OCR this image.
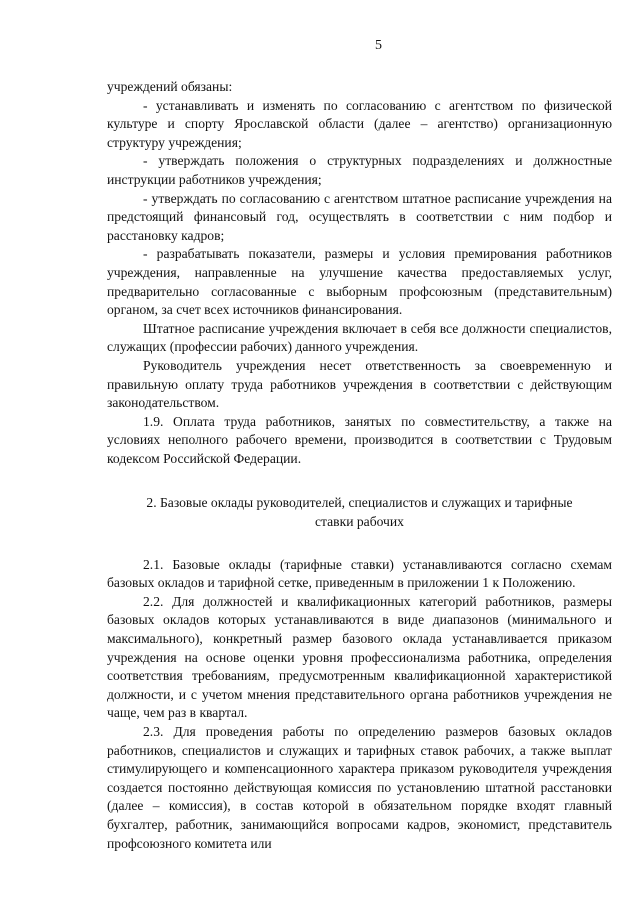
5

учреждений обязаны:

- устанавливать и изменять по согласованию с агентством по физической культуре и спорту Ярославской области (далее – агентство) организационную структуру учреждения;

- утверждать положения о структурных подразделениях и должностные инструкции работников учреждения;

- утверждать по согласованию с агентством штатное расписание учреждения на предстоящий финансовый год, осуществлять в соответствии с ним подбор и расстановку кадров;

- разрабатывать показатели, размеры и условия премирования работников учреждения, направленные на улучшение качества предоставляемых услуг, предварительно согласованные с выборным профсоюзным (представительным) органом, за счет всех источников финансирования.

Штатное расписание учреждения включает в себя все должности специалистов, служащих (профессии рабочих) данного учреждения.

Руководитель учреждения несет ответственность за своевременную и правильную оплату труда работников учреждения в соответствии с действующим законодательством.

1.9. Оплата труда работников, занятых по совместительству, а также на условиях неполного рабочего времени, производится в соответствии с Трудовым кодексом Российской Федерации.

2. Базовые оклады руководителей, специалистов и служащих и тарифные
ставки рабочих

2.1. Базовые оклады (тарифные ставки) устанавливаются согласно схемам базовых окладов и тарифной сетке, приведенным в приложении 1 к Положению.

2.2. Для должностей и квалификационных категорий работников, размеры базовых окладов которых устанавливаются в виде диапазонов (минимального и максимального), конкретный размер базового оклада устанавливается приказом учреждения на основе оценки уровня профессионализма работника, определения соответствия требованиям, предусмотренным квалификационной характеристикой должности, и с учетом мнения представительного органа работников учреждения не чаще, чем раз в квартал.

2.3. Для проведения работы по определению размеров базовых окладов работников, специалистов и служащих и тарифных ставок рабочих, а также выплат стимулирующего и компенсационного характера приказом руководителя учреждения создается постоянно действующая комиссия по установлению штатной расстановки (далее – комиссия), в состав которой в обязательном порядке входят главный бухгалтер, работник, занимающийся вопросами кадров, экономист, представитель профсоюзного комитета или
